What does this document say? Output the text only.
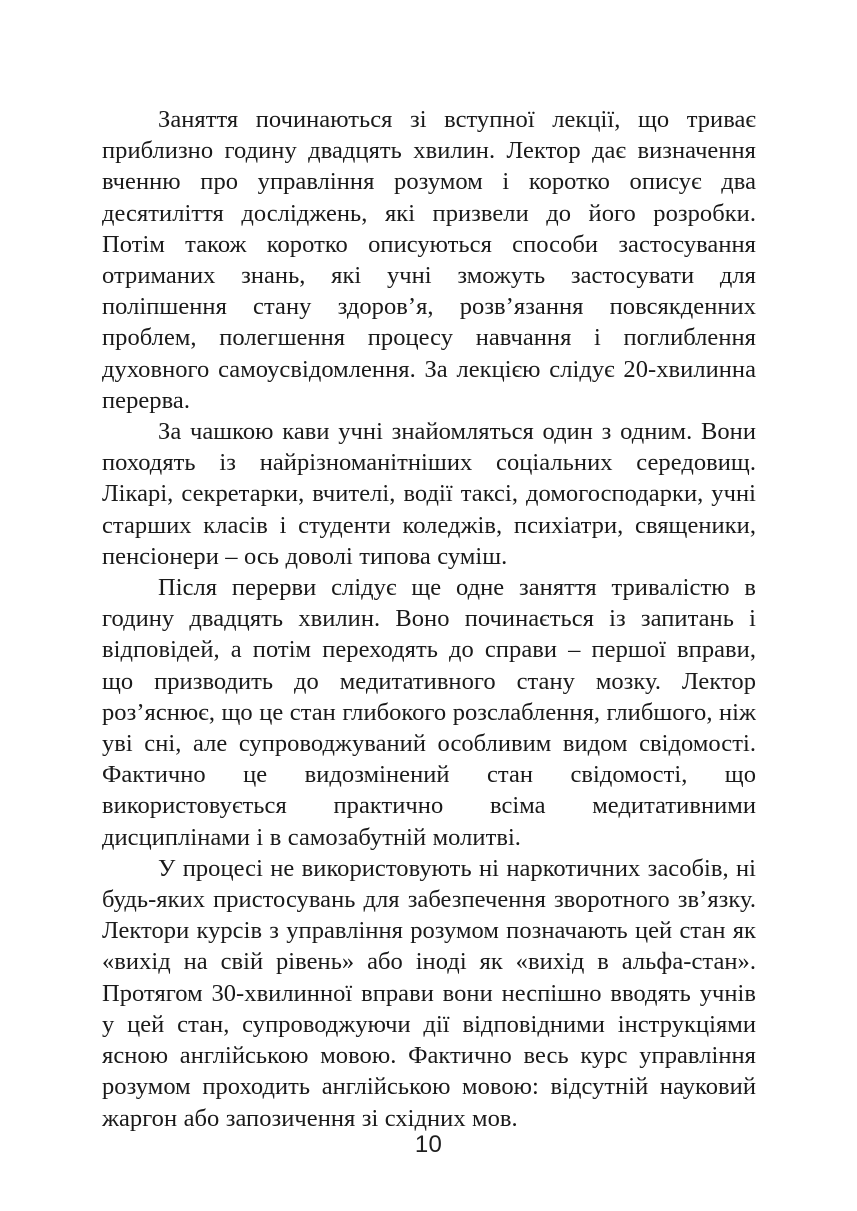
Заняття починаються зі вступної лекції, що триває приблизно годину двадцять хвилин. Лектор дає визначення вченню про управління розумом і коротко описує два десятиліття досліджень, які призвели до його розробки. Потім також коротко описуються способи застосування отриманих знань, які учні зможуть застосувати для поліпшення стану здоров’я, розв’язання повсякденних проблем, полегшення процесу навчання і поглиблення духовного самоусвідомлення. За лекцією слідує 20-хвилинна перерва.

За чашкою кави учні знайомляться один з одним. Вони походять із найрізноманітніших соціальних середовищ. Лікарі, секретарки, вчителі, водії таксі, домогосподарки, учні старших класів і студенти коледжів, психіатри, священики, пенсіонери – ось доволі типова суміш.

Після перерви слідує ще одне заняття тривалістю в годину двадцять хвилин. Воно починається із запитань і відповідей, а потім переходять до справи – першої вправи, що призводить до медитативного стану мозку. Лектор роз’яснює, що це стан глибокого розслаблення, глибшого, ніж уві сні, але супроводжуваний особливим видом свідомості. Фактично це видозмінений стан свідомості, що використовується практично всіма медитативними дисциплінами і в самозабутній молитві.

У процесі не використовують ні наркотичних засобів, ні будь-яких пристосувань для забезпечення зворотного зв’язку. Лектори курсів з управління розумом позначають цей стан як «вихід на свій рівень» або іноді як «вихід в альфа-стан». Протягом 30-хвилинної вправи вони неспішно вводять учнів у цей стан, супроводжуючи дії відповідними інструкціями ясною англійською мовою. Фактично весь курс управління розумом проходить англійською мовою: відсутній науковий жаргон або запозичення зі східних мов.

10
